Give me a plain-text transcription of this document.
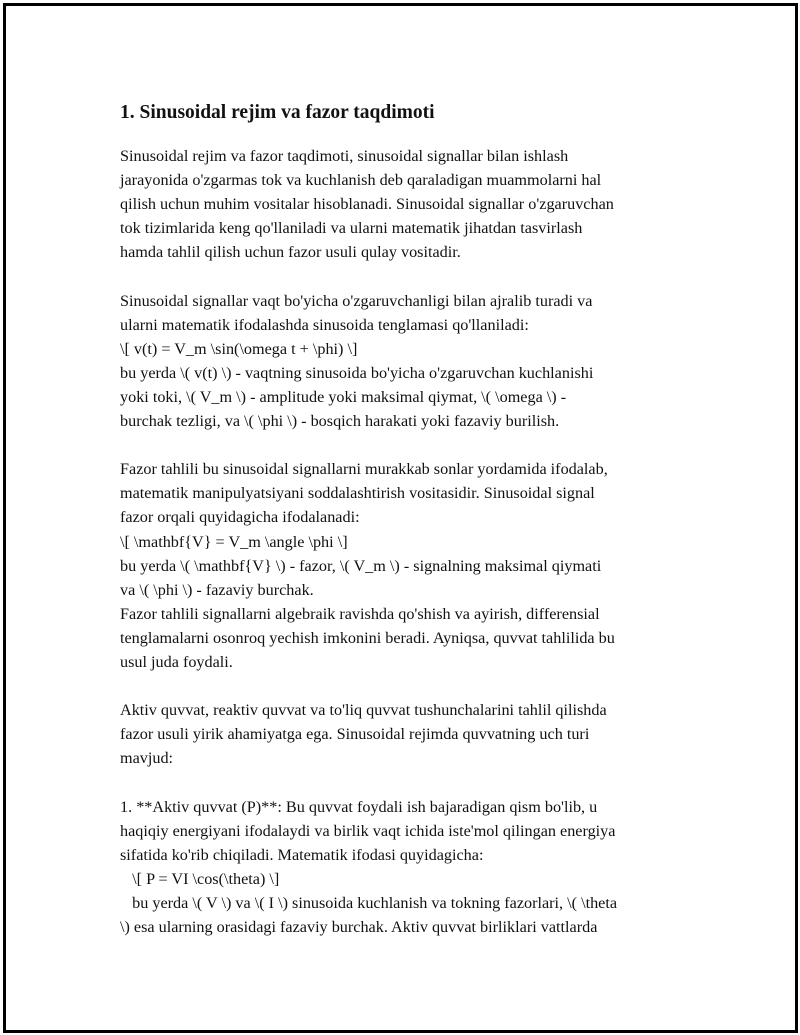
1. Sinusoidal rejim va fazor taqdimoti
Sinusoidal rejim va fazor taqdimoti, sinusoidal signallar bilan ishlash
jarayonida o'zgarmas tok va kuchlanish deb qaraladigan muammolarni hal
qilish uchun muhim vositalar hisoblanadi. Sinusoidal signallar o'zgaruvchan
tok tizimlarida keng qo'llaniladi va ularni matematik jihatdan tasvirlash
hamda tahlil qilish uchun fazor usuli qulay vositadir.
Sinusoidal signallar vaqt bo'yicha o'zgaruvchanligi bilan ajralib turadi va
ularni matematik ifodalashda sinusoida tenglamasi qo'llaniladi:
\[ v(t) = V_m \sin(\omega t + \phi) \]
bu yerda \( v(t) \) - vaqtning sinusoida bo'yicha o'zgaruvchan kuchlanishi
yoki toki, \( V_m \) - amplitude yoki maksimal qiymat, \( \omega \) -
burchak tezligi, va \( \phi \) - bosqich harakati yoki fazaviy burilish.
Fazor tahlili bu sinusoidal signallarni murakkab sonlar yordamida ifodalab,
matematik manipulyatsiyani soddalashtirish vositasidir. Sinusoidal signal
fazor orqali quyidagicha ifodalanadi:
\[ \mathbf{V} = V_m \angle \phi \]
bu yerda \( \mathbf{V} \) - fazor, \( V_m \) - signalning maksimal qiymati
va \( \phi \) - fazaviy burchak.
Fazor tahlili signallarni algebraik ravishda qo'shish va ayirish, differensial
tenglamalarni osonroq yechish imkonini beradi. Ayniqsa, quvvat tahlilida bu
usul juda foydali.
Aktiv quvvat, reaktiv quvvat va to'liq quvvat tushunchalarini tahlil qilishda
fazor usuli yirik ahamiyatga ega. Sinusoidal rejimda quvvatning uch turi
mavjud:
1. **Aktiv quvvat (P)**: Bu quvvat foydali ish bajaradigan qism bo'lib, u
haqiqiy energiyani ifodalaydi va birlik vaqt ichida iste'mol qilingan energiya
sifatida ko'rib chiqiladi. Matematik ifodasi quyidagicha:
\[ P = VI \cos(\theta) \]
bu yerda \( V \) va \( I \) sinusoida kuchlanish va tokning fazorlari, \( \theta
\) esa ularning orasidagi fazaviy burchak. Aktiv quvvat birliklari vattlarda
